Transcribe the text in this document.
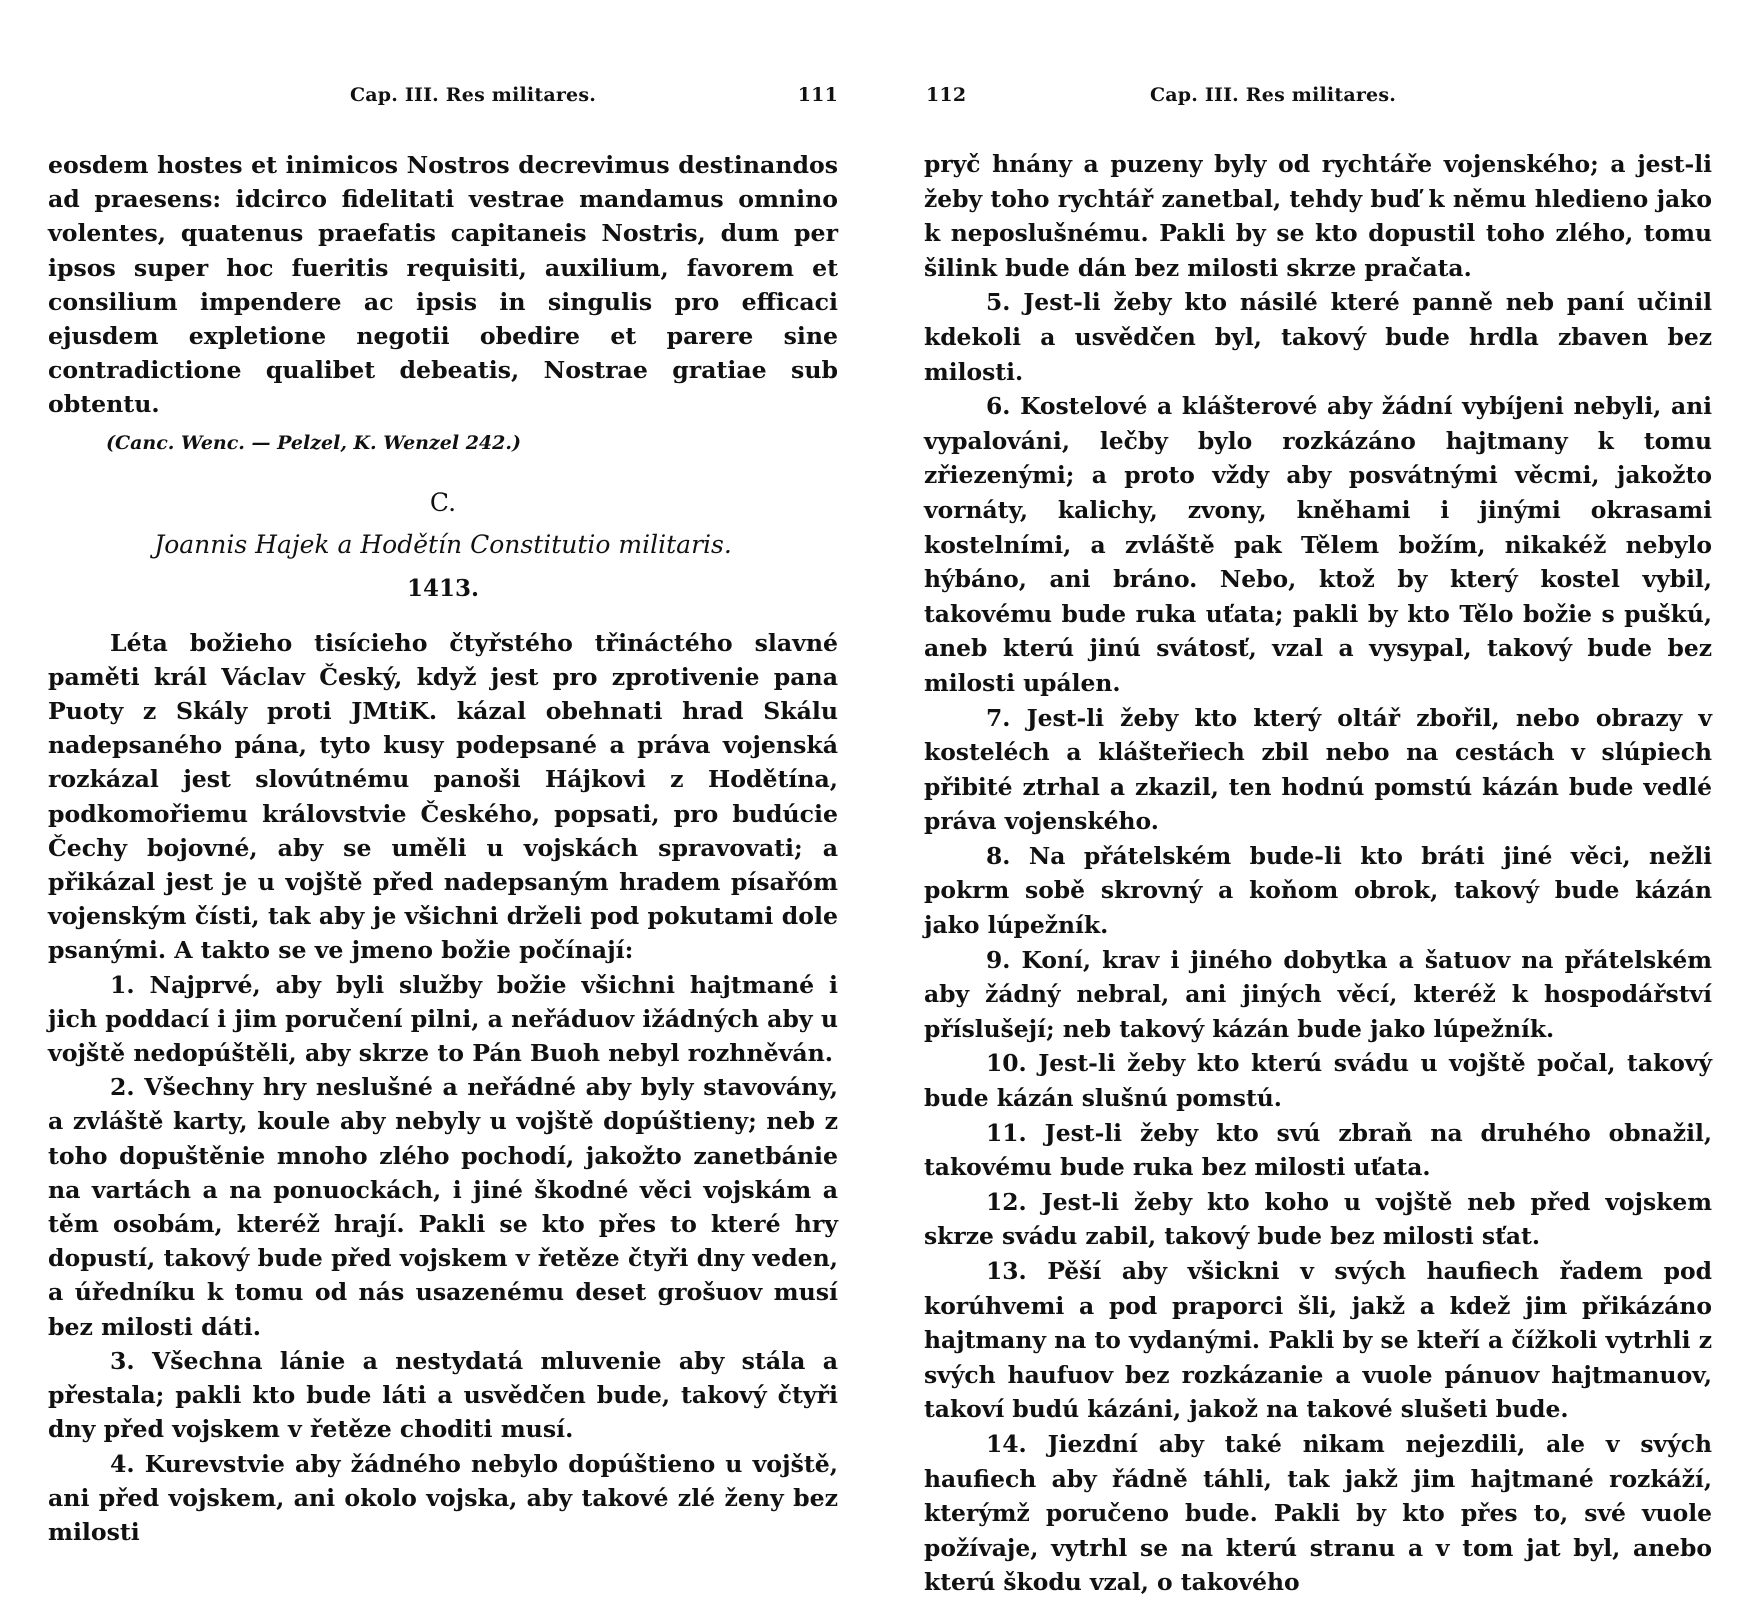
Cap. III. Res militares.	111

eosdem hostes et inimicos Nostros decrevimus destinandos ad praesens: idcirco fidelitati vestrae mandamus omnino volentes, quatenus praefatis capitaneis Nostris, dum per ipsos super hoc fueritis requisiti, auxilium, favorem et consilium impendere ac ipsis in singulis pro efficaci ejusdem expletione negotii obedire et parere sine contradictione qualibet debeatis, Nostrae gratiae sub obtentu.

(Canc. Wenc. — Pelzel, K. Wenzel 242.)
C.
Joannis Hajek a Hodětín Constitutio militaris.
1413.

Léta božieho tisícieho čtyřstého třináctého slavné paměti král Václav Český, když jest pro zprotivenie pana Puoty z Skály proti JMtiK. kázal obehnati hrad Skálu nadepsaného pána, tyto kusy podepsané a práva vojenská rozkázal jest slovútnému panoši Hájkovi z Hodětína, podkomořiemu královstvie Českého, popsati, pro budúcie Čechy bojovné, aby se uměli u vojskách spravovati; a přikázal jest je u vojště před nadepsaným hradem písařóm vojenským čísti, tak aby je všichni drželi pod pokutami dole psanými. A takto se ve jmeno božie počínají:

1. Najprvé, aby byli služby božie všichni hajtmané i jich poddací i jim poručení pilni, a neřáduov ižádných aby u vojště nedopúštěli, aby skrze to Pán Buoh nebyl rozhněván.

2. Všechny hry neslušné a neřádné aby byly stavovány, a zvláště karty, koule aby nebyly u vojště dopúštieny; neb z toho dopuštěnie mnoho zlého pochodí, jakožto zanetbánie na vartách a na ponuockách, i jiné škodné věci vojskám a těm osobám, kteréž hrají. Pakli se kto přes to které hry dopustí, takový bude před vojskem v řetěze čtyři dny veden, a úředníku k tomu od nás usazenému deset grošuov musí bez milosti dáti.

3. Všechna lánie a nestydatá mluvenie aby stála a přestala; pakli kto bude láti a usvědčen bude, takový čtyři dny před vojskem v řetěze choditi musí.

4. Kurevstvie aby žádného nebylo dopúštieno u vojště, ani před vojskem, ani okolo vojska, aby takové zlé ženy bez milosti

112	Cap. III. Res militares.

pryč hnány a puzeny byly od rychtáře vojenského; a jest-li žeby toho rychtář zanetbal, tehdy buď k němu hledieno jako k neposlušnému. Pakli by se kto dopustil toho zlého, tomu šilink bude dán bez milosti skrze pračata.

5. Jest-li žeby kto násilé které panně neb paní učinil kdekoli a usvědčen byl, takový bude hrdla zbaven bez milosti.

6. Kostelové a klášterové aby žádní vybíjeni nebyli, ani vypalováni, lečby bylo rozkázáno hajtmany k tomu zřiezenými; a proto vždy aby posvátnými věcmi, jakožto vornáty, kalichy, zvony, kněhami i jinými okrasami kostelními, a zvláště pak Tělem božím, nikakéž nebylo hýbáno, ani bráno. Nebo, ktož by který kostel vybil, takovému bude ruka uťata; pakli by kto Tělo božie s puškú, aneb kterú jinú svátosť, vzal a vysypal, takový bude bez milosti upálen.

7. Jest-li žeby kto který oltář zbořil, nebo obrazy v kosteléch a klášteřiech zbil nebo na cestách v slúpiech přibité ztrhal a zkazil, ten hodnú pomstú kázán bude vedlé práva vojenského.

8. Na přátelském bude-li kto bráti jiné věci, nežli pokrm sobě skrovný a koňom obrok, takový bude kázán jako lúpežník.

9. Koní, krav i jiného dobytka a šatuov na přátelském aby žádný nebral, ani jiných věcí, kteréž k hospodářství příslušejí; neb takový kázán bude jako lúpežník.

10. Jest-li žeby kto kterú svádu u vojště počal, takový bude kázán slušnú pomstú.

11. Jest-li žeby kto svú zbraň na druhého obnažil, takovému bude ruka bez milosti uťata.

12. Jest-li žeby kto koho u vojště neb před vojskem skrze svádu zabil, takový bude bez milosti sťat.

13. Pěší aby všickni v svých haufiech řadem pod korúhvemi a pod praporci šli, jakž a kdež jim přikázáno hajtmany na to vydanými. Pakli by se kteří a čížkoli vytrhli z svých haufuov bez rozkázanie a vuole pánuov hajtmanuov, takoví budú kázáni, jakož na takové slušeti bude.

14. Jiezdní aby také nikam nejezdili, ale v svých haufiech aby řádně táhli, tak jakž jim hajtmané rozkáží, kterýmž poručeno bude. Pakli by kto přes to, své vuole požívaje, vytrhl se na kterú stranu a v tom jat byl, anebo kterú škodu vzal, o takového
